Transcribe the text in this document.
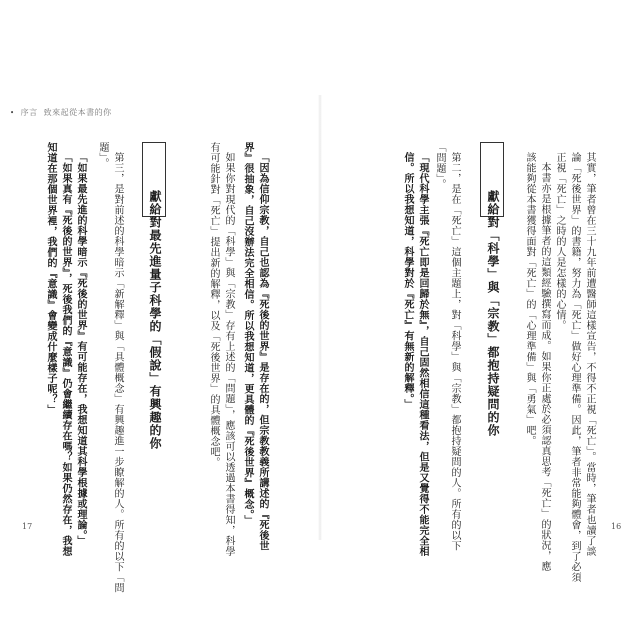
• 序言 致來起從本書的你
其實，筆者曾在三十九年前遭醫師這樣宣告，不得不正視「死亡」。當時，筆者也讀了談
論「死後世界」的書籍，努力為「死亡」做好心理準備。因此，筆者非常能夠體會，到了必須
正視「死亡」之時的人是怎樣的心情。
本書亦是根據筆者的這類經驗撰寫而成。如果你正處於必須認真思考「死亡」的狀況，應
該能夠從本書獲得面對「死亡」的「心理準備」與「勇氣」吧。
獻給對「科學」與「宗教」都抱持疑問的你
第二，是在「死亡」這個主題上，對「科學」與「宗教」都抱持疑問的人。所有的以下
「問題」。
「現代科學主張『死亡即是回歸於無』，自己固然相信這種看法，但是又覺得不能完全相
信。所以我想知道，科學對於『死亡』有無新的解釋。」
「因為信仰宗教，自己也認為『死後的世界』是存在的，但宗教教義所講述的『死後世
界』很抽象，自己沒辦法完全相信。所以我想知道，更具體的『死後世界』概念。」
如果你對現代的「科學」與「宗教」存有上述的「問題」，應該可以透過本書得知，科學
有可能針對「死亡」提出新的解釋，以及「死後世界」的具體概念吧。
獻給對最先進量子科學的「假說」有興趣的你
第三，是對前述的科學暗示「新解釋」與「具體概念」有興趣進一步瞭解的人。所有的以下「問
題」。
「如果最先進的科學暗示『死後的世界』有可能存在，我想知道其科學根據或理論。」
「如果真有『死後的世界』，死後我們的『意識』仍會繼續存在嗎？如果仍然存在，我想
知道在那個世界裡，我們的『意識』會變成什麼樣子呢？」
17	16
